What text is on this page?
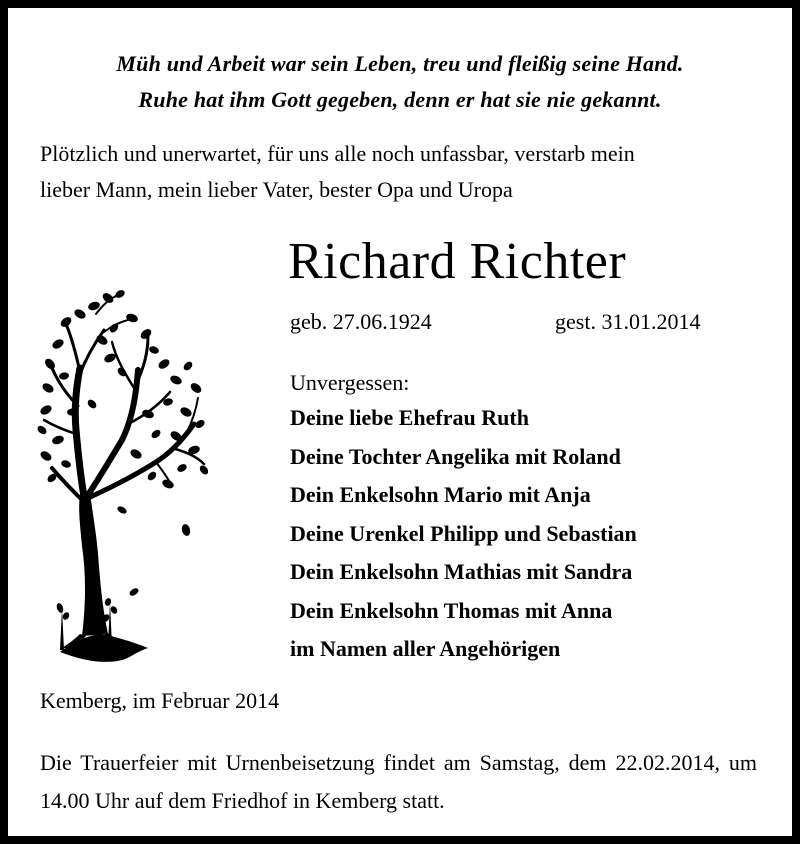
Müh und Arbeit war sein Leben, treu und fleißig seine Hand.
Ruhe hat ihm Gott gegeben, denn er hat sie nie gekannt.
Plötzlich und unerwartet, für uns alle noch unfassbar, verstarb mein
lieber Mann, mein lieber Vater, bester Opa und Uropa
Richard Richter
geb. 27.06.1924	gest. 31.01.2014
Unvergessen:
Deine liebe Ehefrau Ruth
Deine Tochter Angelika mit Roland
Dein Enkelsohn Mario mit Anja
Deine Urenkel Philipp und Sebastian
Dein Enkelsohn Mathias mit Sandra
Dein Enkelsohn Thomas mit Anna
im Namen aller Angehörigen
Kemberg, im Februar 2014
Die Trauerfeier mit Urnenbeisetzung findet am Samstag, dem 22.02.2014, um 14.00 Uhr auf dem Friedhof in Kemberg statt.
